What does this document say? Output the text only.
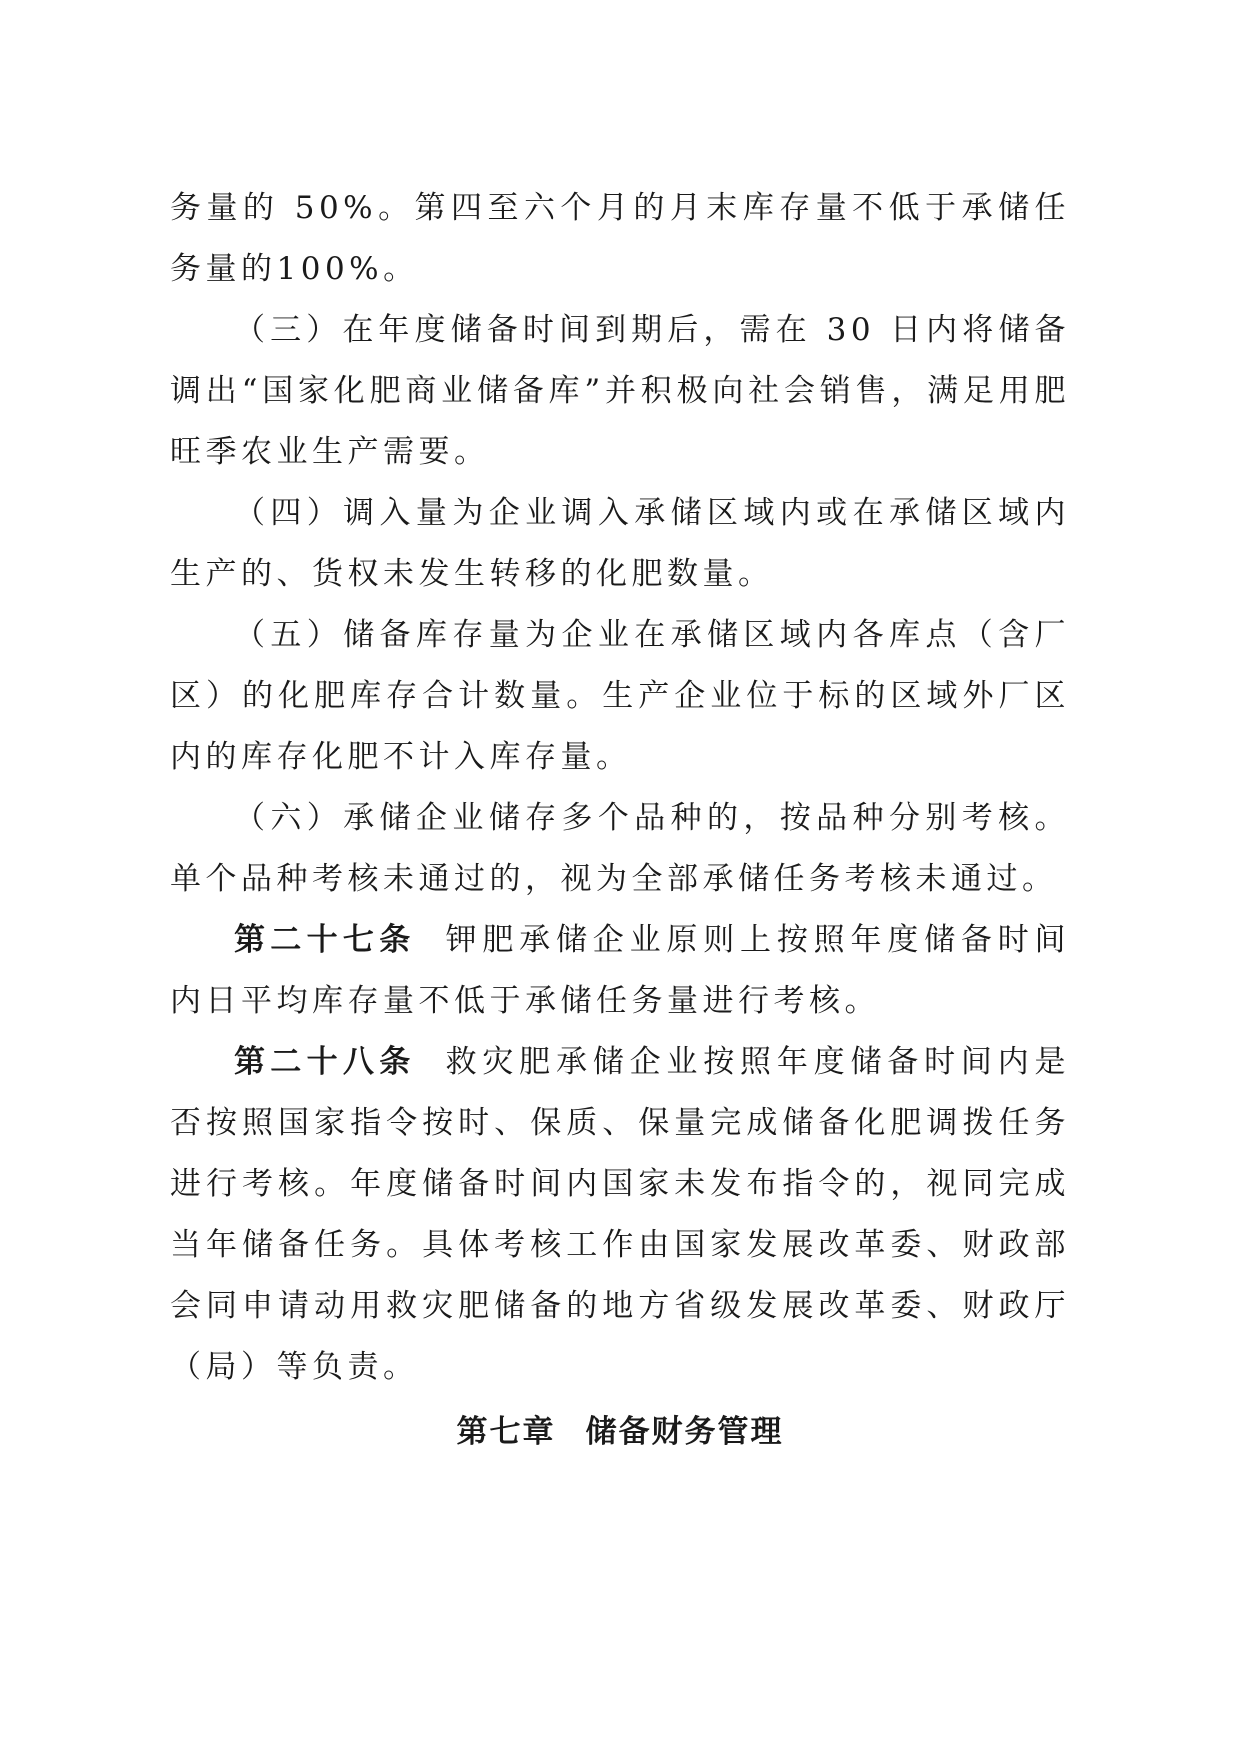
务量的 50%。第四至六个月的月末库存量不低于承储任务量的100%。

（三）在年度储备时间到期后，需在 30 日内将储备调出“国家化肥商业储备库”并积极向社会销售，满足用肥旺季农业生产需要。

（四）调入量为企业调入承储区域内或在承储区域内生产的、货权未发生转移的化肥数量。

（五）储备库存量为企业在承储区域内各库点（含厂区）的化肥库存合计数量。生产企业位于标的区域外厂区内的库存化肥不计入库存量。

（六）承储企业储存多个品种的，按品种分别考核。单个品种考核未通过的，视为全部承储任务考核未通过。

第二十七条 钾肥承储企业原则上按照年度储备时间内日平均库存量不低于承储任务量进行考核。

第二十八条 救灾肥承储企业按照年度储备时间内是否按照国家指令按时、保质、保量完成储备化肥调拨任务进行考核。年度储备时间内国家未发布指令的，视同完成当年储备任务。具体考核工作由国家发展改革委、财政部会同申请动用救灾肥储备的地方省级发展改革委、财政厅（局）等负责。

第七章 储备财务管理
